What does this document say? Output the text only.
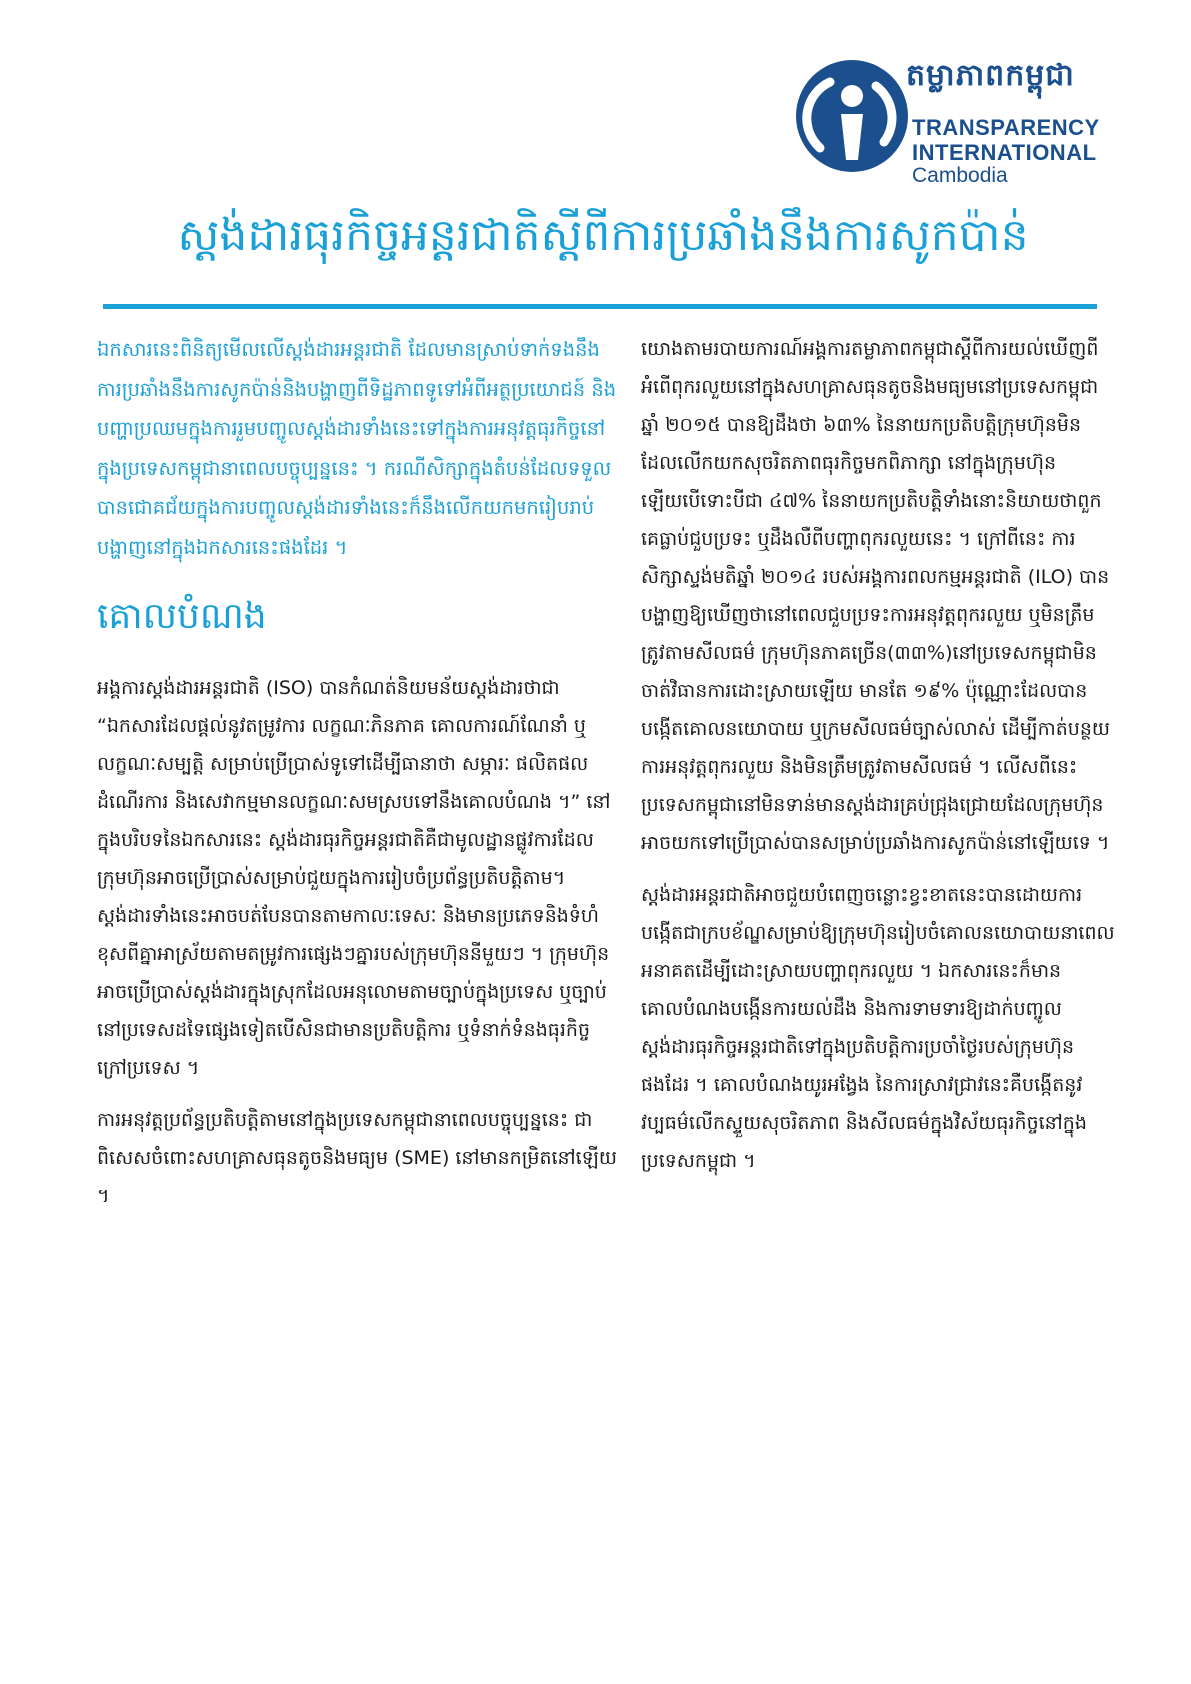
តម្លាភាពកម្ពុជា
TRANSPARENCY
INTERNATIONAL
Cambodia
ស្តង់ដារធុរកិច្ចអន្តរជាតិស្តីពីការប្រឆាំងនឹងការសូកប៉ាន់

ឯកសារនេះពិនិត្យមើលលើស្តង់ដារអន្តរជាតិ ដែលមានស្រាប់ទាក់ទងនឹងការប្រឆាំងនឹងការសូកប៉ាន់និងបង្ហាញពីទិដ្ឋភាពទូទៅអំពីអត្ថប្រយោជន៍ និងបញ្ហាប្រឈមក្នុងការរួមបញ្ចូលស្តង់ដារទាំងនេះទៅក្នុងការអនុវត្តធុរកិច្ចនៅក្នុងប្រទេសកម្ពុជានាពេលបច្ចុប្បន្ននេះ ។ ករណីសិក្សាក្នុងតំបន់ដែលទទួលបានជោគជ័យក្នុងការបញ្ចូលស្តង់ដារទាំងនេះក៏នឹងលើកយកមករៀបរាប់បង្ហាញនៅក្នុងឯកសារនេះផងដែរ ។

គោលបំណង

អង្គការស្តង់ដារអន្តរជាតិ (ISO) បានកំណត់និយមន័យស្តង់ដារថាជា “ឯកសារដែលផ្តល់នូវតម្រូវការ លក្ខណៈភិនភាគ គោលការណ៍ណែនាំ ឬលក្ខណៈសម្បត្តិ សម្រាប់ប្រើប្រាស់ទូទៅដើម្បីធានាថា សម្ភារៈ ផលិតផល ដំណើរការ និងសេវាកម្មមានលក្ខណៈសមស្របទៅនឹងគោលបំណង ។” នៅក្នុងបរិបទនៃឯកសារនេះ ស្តង់ដារធុរកិច្ចអន្តរជាតិគឺជាមូលដ្ឋានផ្លូវការដែលក្រុមហ៊ុនអាចប្រើប្រាស់សម្រាប់ជួយក្នុងការរៀបចំប្រព័ន្ធប្រតិបត្តិតាម។ ស្តង់ដារទាំងនេះអាចបត់បែនបានតាមកាលៈទេសៈ និងមានប្រភេទនិងទំហំខុសពីគ្នាអាស្រ័យតាមតម្រូវការផ្សេងៗគ្នារបស់ក្រុមហ៊ុននីមួយៗ ។ ក្រុមហ៊ុនអាចប្រើប្រាស់ស្តង់ដារក្នុងស្រុកដែលអនុលោមតាមច្បាប់ក្នុងប្រទេស ឬច្បាប់នៅប្រទេសដទៃផ្សេងទៀតបើសិនជាមានប្រតិបត្តិការ ឬទំនាក់ទំនងធុរកិច្ចក្រៅប្រទេស ។

ការអនុវត្តប្រព័ន្ធប្រតិបត្តិតាមនៅក្នុងប្រទេសកម្ពុជានាពេលបច្ចុប្បន្ននេះ ជាពិសេសចំពោះសហគ្រាសធុនតូចនិងមធ្យម (SME) នៅមានកម្រិតនៅឡើយ ។

យោងតាមរបាយការណ៍អង្គការតម្លាភាពកម្ពុជាស្តីពីការយល់ឃើញពីអំពើពុករលួយនៅក្នុងសហគ្រាសធុនតូចនិងមធ្យមនៅប្រទេសកម្ពុជាឆ្នាំ ២០១៥ បានឱ្យដឹងថា ៦៣% នៃនាយកប្រតិបត្តិក្រុមហ៊ុនមិនដែលលើកយកសុចរិតភាពធុរកិច្ចមកពិភាក្សា នៅក្នុងក្រុមហ៊ុនឡើយបើទោះបីជា ៤៧% នៃនាយកប្រតិបត្តិទាំងនោះនិយាយថាពួកគេធ្លាប់ជួបប្រទះ ឬដឹងលឺពីបញ្ហាពុករលួយនេះ ។ ក្រៅពីនេះ ការសិក្សាស្ទង់មតិឆ្នាំ ២០១៤ របស់អង្គការពលកម្មអន្តរជាតិ (ILO) បានបង្ហាញឱ្យឃើញថានៅពេលជួបប្រទះការអនុវត្តពុករលួយ ឬមិនត្រឹមត្រូវតាមសីលធម៌ ក្រុមហ៊ុនភាគច្រើន(៣៣%)នៅប្រទេសកម្ពុជាមិនចាត់វិធានការដោះស្រាយឡើយ មានតែ ១៩% ប៉ុណ្ណោះដែលបានបង្កើតគោលនយោបាយ ឬក្រមសីលធម៌ច្បាស់លាស់ ដើម្បីកាត់បន្ថយការអនុវត្តពុករលួយ និងមិនត្រឹមត្រូវតាមសីលធម៌ ។ លើសពីនេះ ប្រទេសកម្ពុជានៅមិនទាន់មានស្តង់ដារគ្រប់ជ្រុងជ្រោយដែលក្រុមហ៊ុនអាចយកទៅប្រើប្រាស់បានសម្រាប់ប្រឆាំងការសូកប៉ាន់នៅឡើយទេ ។

ស្តង់ដារអន្តរជាតិអាចជួយបំពេញចន្លោះខ្វះខាតនេះបានដោយការបង្កើតជាក្របខ័ណ្ឌសម្រាប់ឱ្យក្រុមហ៊ុនរៀបចំគោលនយោបាយនាពេលអនាគតដើម្បីដោះស្រាយបញ្ហាពុករលួយ ។ ឯកសារនេះក៏មានគោលបំណងបង្កើនការយល់ដឹង និងការទាមទារឱ្យដាក់បញ្ចូលស្តង់ដារធុរកិច្ចអន្តរជាតិទៅក្នុងប្រតិបត្តិការប្រចាំថ្ងៃរបស់ក្រុមហ៊ុនផងដែរ ។ គោលបំណងយូរអង្វែង នៃការស្រាវជ្រាវនេះគឺបង្កើតនូវវប្បធម៌លើកស្ទួយសុចរិតភាព និងសីលធម៌ក្នុងវិស័យធុរកិច្ចនៅក្នុងប្រទេសកម្ពុជា ។
